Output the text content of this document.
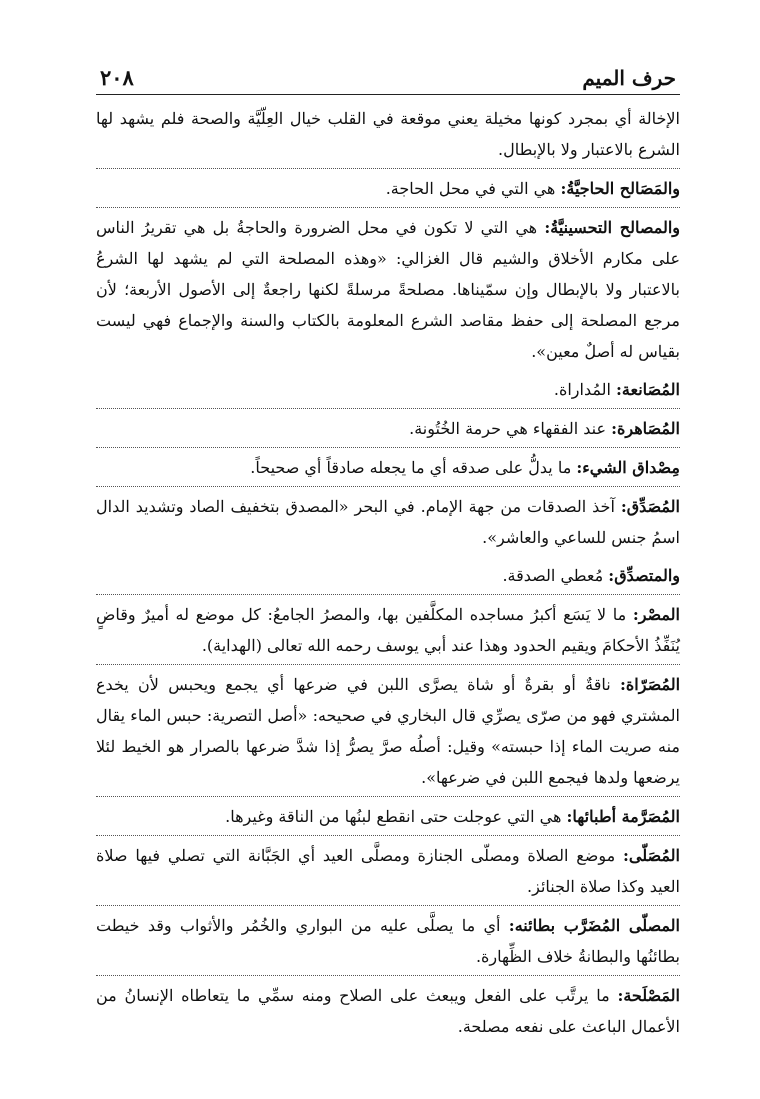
حرف الميم
٢٠٨

الإخالة أي بمجرد كونها مخيلة يعني موقعة في القلب خيال العِلّيَّة والصحة فلم يشهد لها الشرع بالاعتبار ولا بالإبطال.

والمَصَالح الحاجيَّةُ: هي التي في محل الحاجة.

والمصالح التحسينيَّةُ: هي التي لا تكون في محل الضرورة والحاجةُ بل هي تقريرُ الناس على مكارم الأخلاق والشيم قال الغزالي: «وهذه المصلحة التي لم يشهد لها الشرعُ بالاعتبار ولا بالإبطال وإن سمّيناها. مصلحةً مرسلةً لكنها راجعةٌ إلى الأصول الأربعة؛ لأن مرجع المصلحة إلى حفظ مقاصد الشرع المعلومة بالكتاب والسنة والإجماع فهي ليست بقياس له أصلٌ معين».

المُصَانعة: المُداراة.

المُصَاهرة: عند الفقهاء هي حرمة الخُتُونة.

مِصْداق الشيء: ما يدلُّ على صدقه أي ما يجعله صادقاً أي صحيحاً.

المُصَدِّق: آخذ الصدقات من جهة الإمام. في البحر «المصدق بتخفيف الصاد وتشديد الدال اسمُ جنس للساعي والعاشر».

والمتصدِّق: مُعطي الصدقة.

المصْر: ما لا يَسَع أكبرُ مساجده المكلَّفين بها، والمصرُ الجامعُ: كل موضع له أميرٌ وقاضٍ يُنَفِّذُ الأحكامَ ويقيم الحدود وهذا عند أبي يوسف رحمه الله تعالى (الهداية).

المُصَرّاة: ناقةٌ أو بقرةٌ أو شاة يصرَّى اللبن في ضرعها أي يجمع ويحبس لأن يخدع المشتري فهو من صرّى يصرِّي قال البخاري في صحيحه: «أصل التصرية: حبس الماء يقال منه صريت الماء إذا حبسته» وقيل: أصلُه صرَّ يصرُّ إذا شدَّ ضرعها بالصرار هو الخيط لئلا يرضعها ولدها فيجمع اللبن في ضرعها».

المُصَرَّمة أطبائها: هي التي عوجلت حتى انقطع لبنُها من الناقة وغيرها.

المُصَلّى: موضع الصلاة ومصلّى الجنازة ومصلَّى العيد أي الجَبَّانة التي تصلي فيها صلاة العيد وكذا صلاة الجنائز.

المصلّى المُضَرَّب بطائنه: أي ما يصلَّى عليه من البواري والخُمُر والأثواب وقد خيطت بطائنُها والبطانةُ خلاف الظِّهارة.

المَصْلَحة: ما يرتَّب على الفعل ويبعث على الصلاح ومنه سمِّي ما يتعاطاه الإنسانُ من الأعمال الباعث على نفعه مصلحة.
